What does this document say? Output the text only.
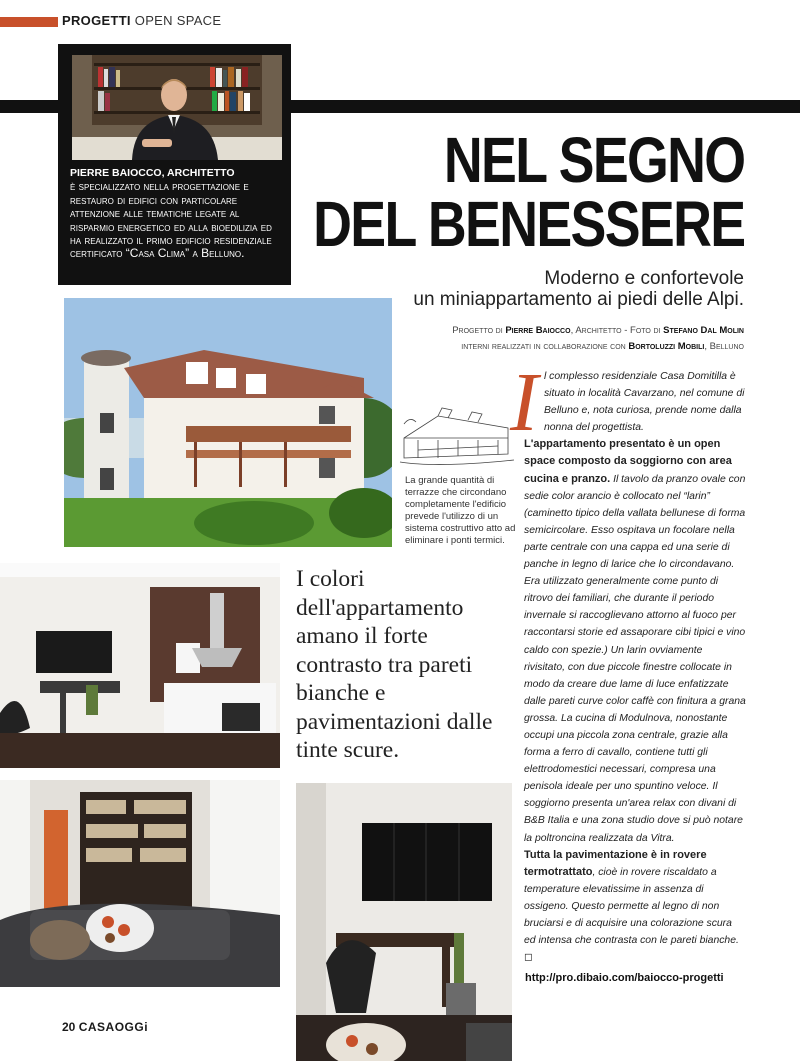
PROGETTI OPEN SPACE
PIERRE BAIOCCO, ARCHITETTO
è specializzato nella progettazione e restauro di edifici con particolare attenzione alle tematiche legate al risparmio energetico ed alla bioedilizia ed ha realizzato il primo edificio residenziale certificato “Casa Clima” a Belluno.
NEL SEGNO
DEL BENESSERE
Moderno e confortevole
un miniappartamento ai piedi delle Alpi.
Progetto di Pierre Baiocco, Architetto - Foto di Stefano Dal Molin
interni realizzati in collaborazione con Bortoluzzi Mobili, Belluno
La grande quantità di terrazze che circondano completamente l'edificio prevede l'utilizzo di un sistema costruttivo atto ad eliminare i ponti termici.
I colori dell'appartamento amano il forte contrasto tra pareti bianche e pavimentazioni dalle tinte scure.

Il complesso residenziale Casa Domitilla è situato in località Cavarzano, nel comune di Belluno e, nota curiosa, prende nome dalla nonna del progettista.

L'appartamento presentato è un open space composto da soggiorno con area cucina e pranzo. Il tavolo da pranzo ovale con sedie color arancio è collocato nel “larin” (caminetto tipico della vallata bellunese di forma semicircolare. Esso ospitava un focolare nella parte centrale con una cappa ed una serie di panche in legno di larice che lo circondavano. Era utilizzato generalmente come punto di ritrovo dei familiari, che durante il periodo invernale si raccoglievano attorno al fuoco per raccontarsi storie ed assaporare cibi tipici e vino caldo con spezie.) Un larin ovviamente rivisitato, con due piccole finestre collocate in modo da creare due lame di luce enfatizzate dalle pareti curve color caffè con finitura a grana grossa. La cucina di Modulnova, nonostante occupi una piccola zona centrale, grazie alla forma a ferro di cavallo, contiene tutti gli elettrodomestici necessari, compresa una penisola ideale per uno spuntino veloce. Il soggiorno presenta un'area relax con divani di B&B Italia e una zona studio dove si può notare la poltroncina realizzata da Vitra.

Tutta la pavimentazione è in rovere termotrattato, cioè in rovere riscaldato a temperature elevatissime in assenza di ossigeno. Questo permette al legno di non bruciarsi e di acquisire una colorazione scura ed intensa che contrasta con le pareti bianche. ◻

http://pro.dibaio.com/baiocco-progetti
20 CASAOGGi
